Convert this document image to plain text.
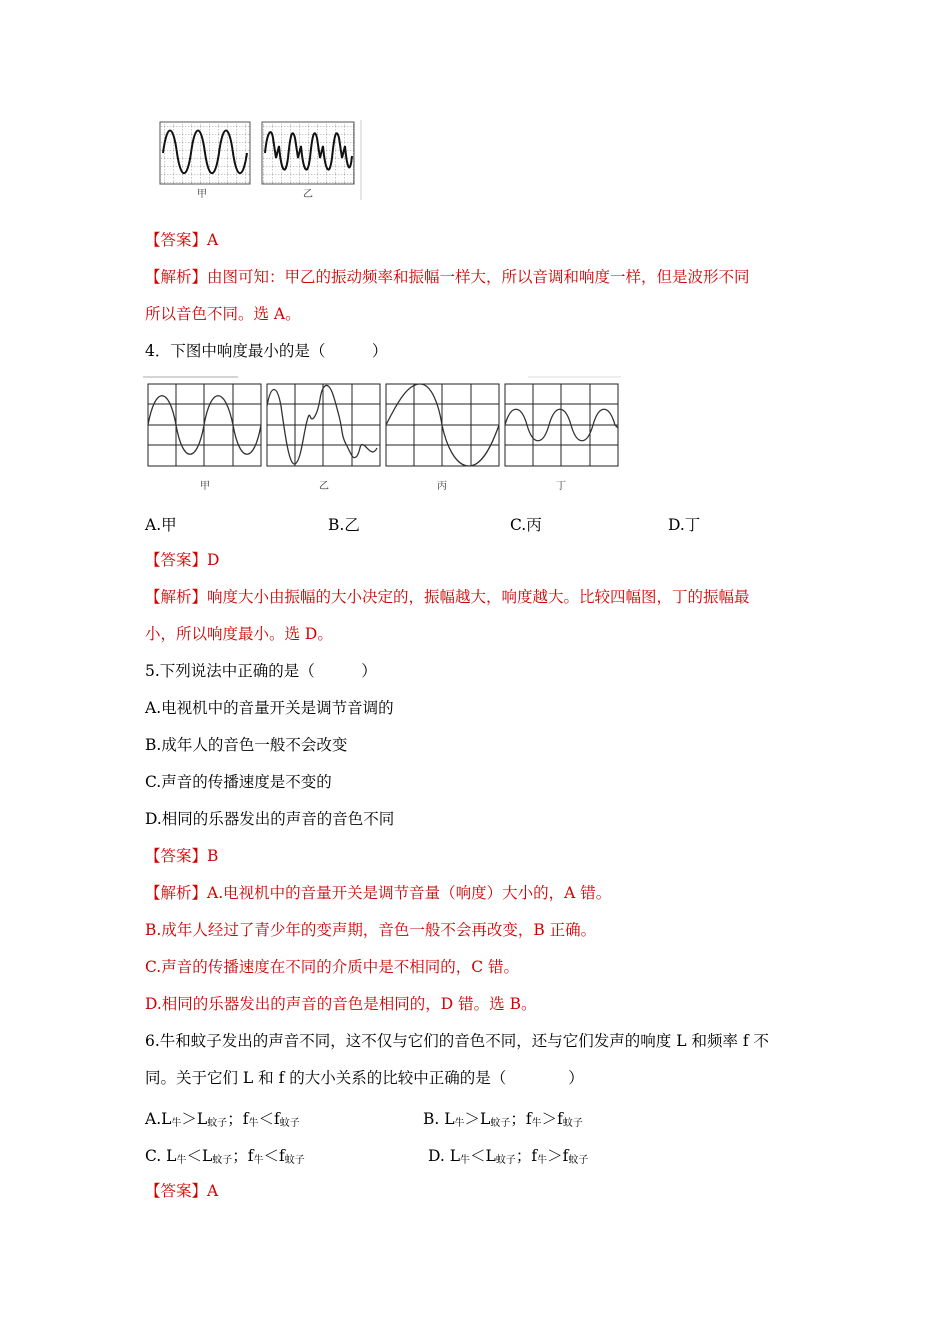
甲	乙
【答案】A
【解析】由图可知：甲乙的振动频率和振幅一样大，所以音调和响度一样，但是波形不同
所以音色不同。选 A。
4．下图中响度最小的是（　　　）
甲	乙	丙	丁
A.甲	B.乙	C.丙	D.丁
【答案】D
【解析】响度大小由振幅的大小决定的，振幅越大，响度越大。比较四幅图，丁的振幅最
小，所以响度最小。选 D。
5.下列说法中正确的是（　　　）
A.电视机中的音量开关是调节音调的
B.成年人的音色一般不会改变
C.声音的传播速度是不变的
D.相同的乐器发出的声音的音色不同
【答案】B
【解析】A.电视机中的音量开关是调节音量（响度）大小的，A 错。
B.成年人经过了青少年的变声期，音色一般不会再改变，B 正确。
C.声音的传播速度在不同的介质中是不相同的，C 错。
D.相同的乐器发出的声音的音色是相同的，D 错。选 B。
6.牛和蚊子发出的声音不同，这不仅与它们的音色不同，还与它们发声的响度 L 和频率 f 不
同。关于它们 L 和 f 的大小关系的比较中正确的是（　　　　）
$A.L_牛>L_{蚊子}$；$f_牛<f_{蚊子}$	B. $L_牛>L_{蚊子}$；$f_牛>f_{蚊子}$
C. $L_牛<L_{蚊子}$；$f_牛<f_{蚊子}$	D. $L_牛<L_{蚊子}$；$f_牛>f_{蚊子}$
【答案】A
